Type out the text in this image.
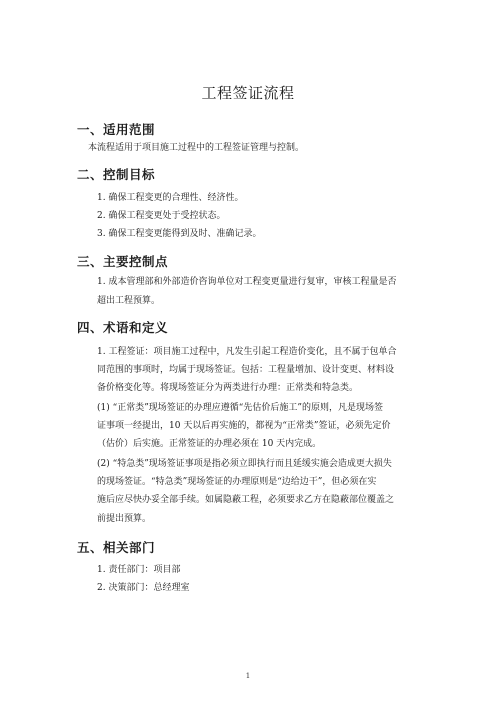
工程签证流程
一、适用范围
本流程适用于项目施工过程中的工程签证管理与控制。
二、控制目标
1. 确保工程变更的合理性、经济性。
2. 确保工程变更处于受控状态。
3. 确保工程变更能得到及时、准确记录。
三、主要控制点
1. 成本管理部和外部造价咨询单位对工程变更量进行复审，审核工程量是否
超出工程预算。
四、术语和定义
1. 工程签证：项目施工过程中，凡发生引起工程造价变化，且不属于包单合
同范围的事项时，均属于现场签证。包括：工程量增加、设计变更、材料设
备价格变化等。将现场签证分为两类进行办理：正常类和特急类。
(1) “正常类”现场签证的办理应遵循“先估价后施工”的原则，凡是现场签
证事项一经提出，10 天以后再实施的，都视为“正常类”签证，必须先定价
（估价）后实施。正常签证的办理必须在 10 天内完成。
(2) “特急类”现场签证事项是指必须立即执行而且延缓实施会造成更大损失
的现场签证。“特急类”现场签证的办理原则是“边给边干”，但必须在实
施后应尽快办妥全部手续。如属隐蔽工程，必须要求乙方在隐蔽部位覆盖之
前提出预算。
五、相关部门
1. 责任部门：项目部
2. 决策部门：总经理室
1
